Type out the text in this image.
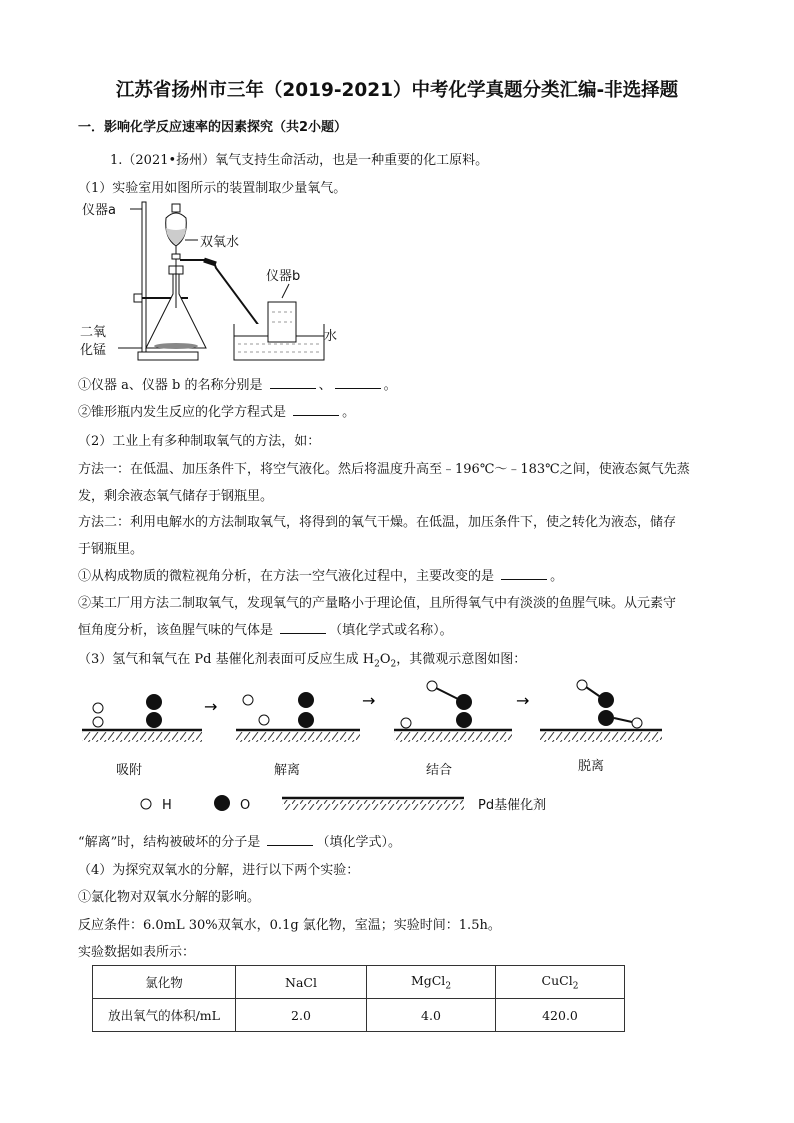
江苏省扬州市三年（2019-2021）中考化学真题分类汇编-非选择题
一．影响化学反应速率的因素探究（共2小题）
1.（2021•扬州）氧气支持生命活动，也是一种重要的化工原料。
（1）实验室用如图所示的装置制取少量氧气。
仪器a
双氧水
仪器b
水
二氧
化锰
①仪器 a、仪器 b 的名称分别是	、	。
②锥形瓶内发生反应的化学方程式是	。
（2）工业上有多种制取氧气的方法，如：
方法一：在低温、加压条件下，将空气液化。然后将温度升高至﹣196℃～﹣183℃之间，使液态氮气先蒸
发，剩余液态氧气储存于钢瓶里。
方法二：利用电解水的方法制取氧气，将得到的氧气干燥。在低温，加压条件下，使之转化为液态，储存
于钢瓶里。
①从构成物质的微粒视角分析，在方法一空气液化过程中，主要改变的是	。
②某工厂用方法二制取氧气，发现氧气的产量略小于理论值，且所得氧气中有淡淡的鱼腥气味。从元素守
恒角度分析，该鱼腥气味的气体是	（填化学式或名称）。
（3）氢气和氧气在 Pd 基催化剂表面可反应生成 $H_2O_2$，其微观示意图如图：
→	→	→
吸附	解离	结合	脱离
H	O	Pd基催化剂
“解离”时，结构被破坏的分子是	（填化学式）。
（4）为探究双氧水的分解，进行以下两个实验：
①氯化物对双氧水分解的影响。
反应条件：6.0mL 30%双氧水，0.1g 氯化物，室温；实验时间：1.5h。
实验数据如表所示：
氯化物	NaCl	MgCl$_2$	CuCl$_2$
放出氧气的体积/mL	2.0	4.0	420.0
